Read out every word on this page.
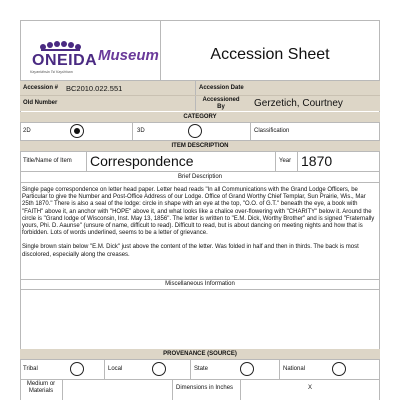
ONEIDA
Kayanláhsla Tsi Kayúhkwa
Museum	Accession Sheet
Accession # BC2010.022.551	Accession Date
Old Number	Accessioned By	Gerzetich, Courtney
CATEGORY
2D	3D	Classification
ITEM DESCRIPTION
Title/Name of Item Correspondence	Year 1870
Brief Description

Single page correspondence on letter head paper. Letter head reads "In all Communications with the Grand Lodge Officers, be Particular to give the Number and Post-Office Address of our Lodge. Office of Grand Worthy Chief Templar, Sun Prairie, Wis., Mar 25th 1870." There is also a seal of the lodge: circle in shape with an eye at the top, "O.O. of G.T." beneath the eye, a book with "FAITH" above it, an anchor with "HOPE" above it, and what looks like a chalice over-flowering with "CHARITY" below it. Around the circle is "Grand lodge of Wisconsin, Inst. May 13, 1856". The letter is written to "E.M. Dick, Worthy Brother" and is signed "Fraternally yours, Phi. D. Aaunse" (unsure of name, difficult to read). Difficult to read, but is about dancing on meeting nights and how that is forbidden. Lots of words underlined, seems to be a letter of grievance.

Single brown stain below "E.M. Dick" just above the content of the letter. Was folded in half and then in thirds. The back is most discolored, especially along the creases.

Miscellaneous Information
PROVENANCE (SOURCE)
Tribal	Local	State	National
Medium or Materials	Dimensions in Inches	X
